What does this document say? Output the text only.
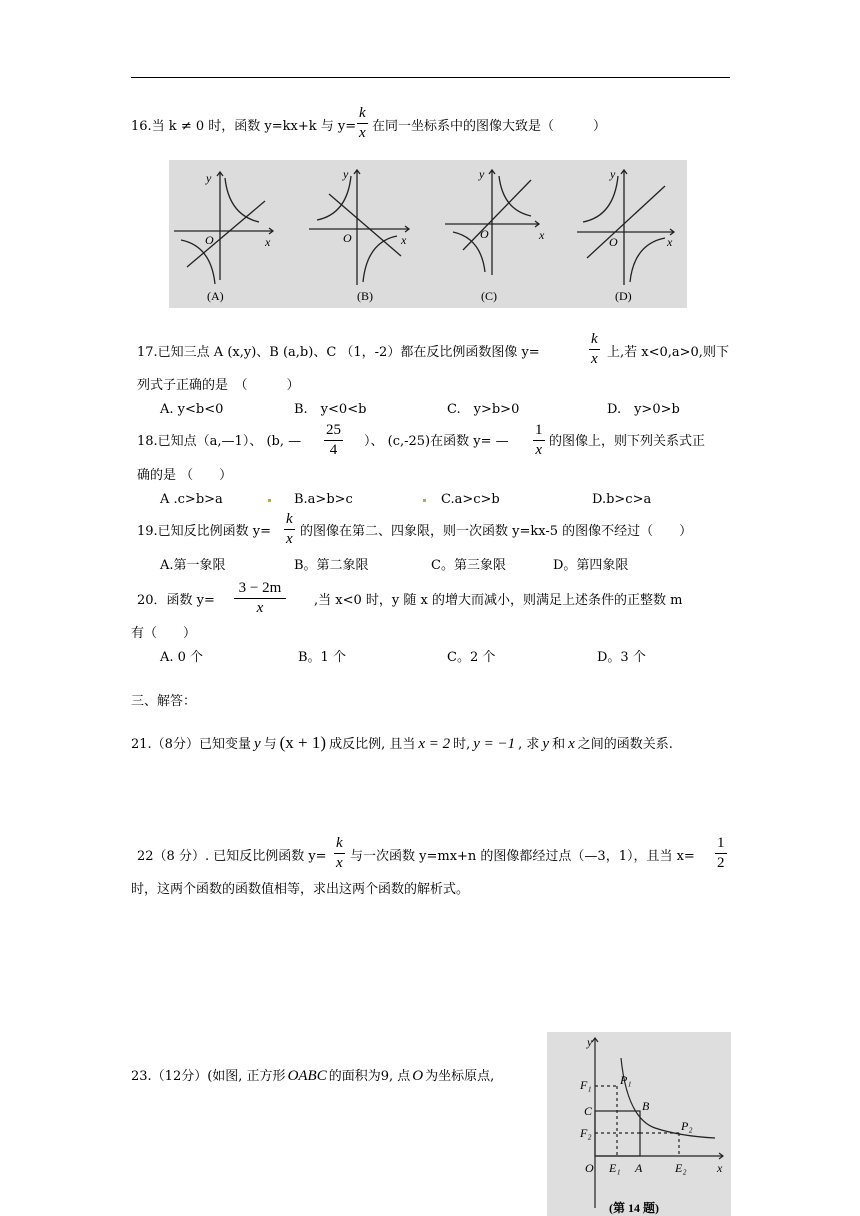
16.当 k ≠ 0 时，函数 y=kx+k 与 y=
k
x 在同一坐标系中的图像大致是（　　　）
y
x
O
(A)
y
x
O
(B)
y
x
O
(C)
y
x
O
(D)
17.已知三点 A (x,y)、B (a,b)、C （1，-2）都在反比例函数图像 y=
k
x 上,若 x<0,a>0,则下
列式子正确的是　（　　　）
A. y<b<0	B.　y<0<b	C.　y>b>0	D.　y>0>b
18.已知点（a,—1）、 (b, —
25
4
）、 (c,-25)在函数 y= —
1
x
的图像上，则下列关系式正
确的是 （　　）
A .c>b>a	B.a>b>c	C.a>c>b	D.b>c>a
19.已知反比例函数 y=
k
x 的图像在第二、四象限，则一次函数 y=kx-5 的图像不经过（　　）
A.第一象限	B。第二象限	C。第三象限	D。第四象限
20．函数 y=
3 − 2m
x	,当 x<0 时，y 随 x 的增大而减小，则满足上述条件的正整数 m
有（　　）
A. 0 个	B。1 个	C。2 个	D。3 个
三、解答：
21.（8分）已知变量 y 与 (x + 1) 成反比例, 且当 x = 2 时, y = −1 , 求 y 和 x 之间的函数关系.
22（8 分）. 已知反比例函数 y=
k
x 与一次函数 y=mx+n 的图像都经过点（—3，1），且当 x=
1
2
时，这两个函数的函数值相等，求出这两个函数的解析式。
23.（12分）(如图, 正方形 OABC 的面积为9, 点 O 为坐标原点,
y
x
O
F₁ P₁
C	B
P₂
F₂
E₁ A	E₂
(第 14 题)
